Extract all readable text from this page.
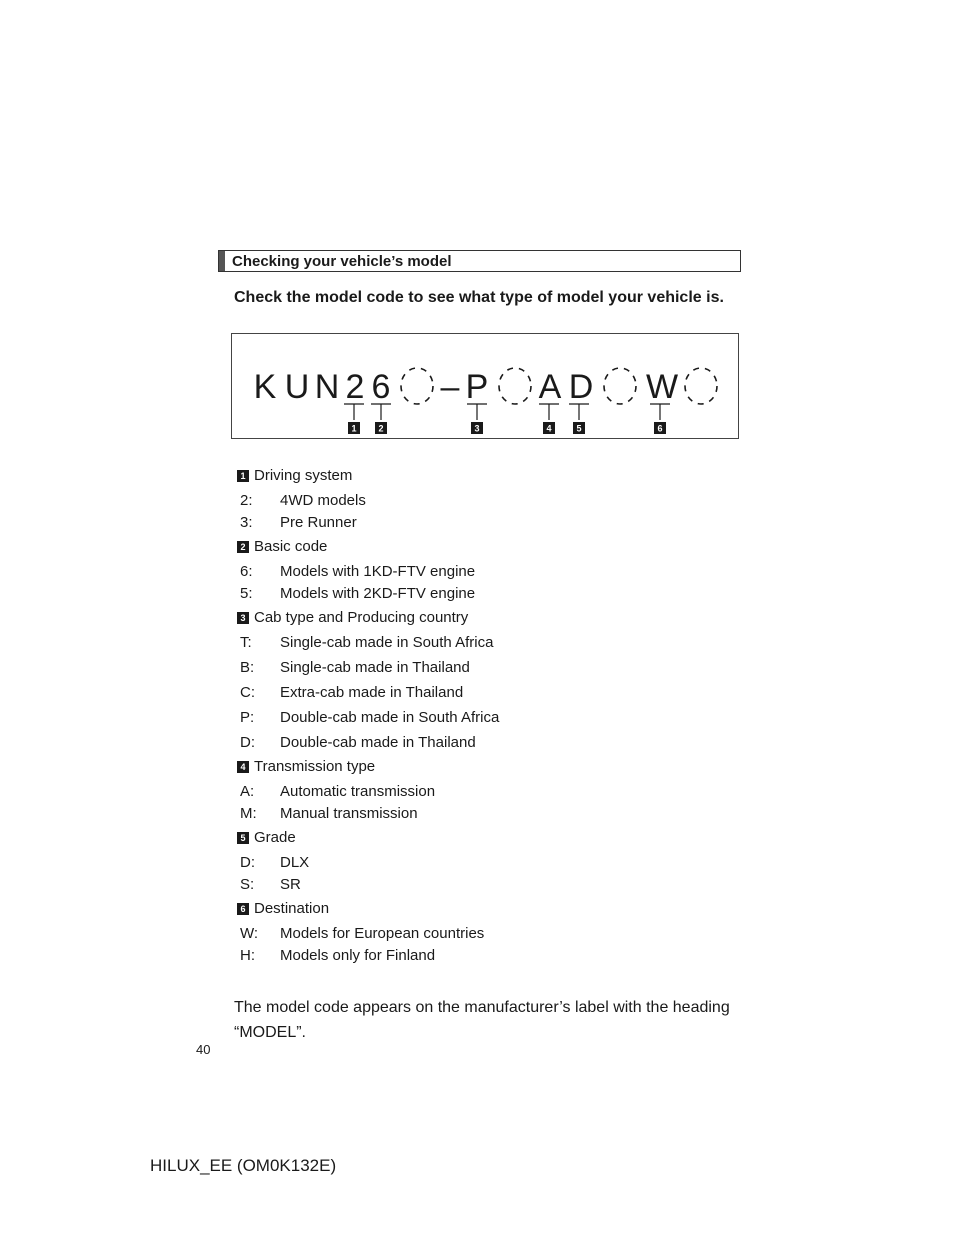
Checking your vehicle’s model
Check the model code to see what type of model your vehicle is.
K U N 2 6 – P A D W
1 2	3	4	5	6
1 Driving system
2: 4WD models
3: Pre Runner
2 Basic code
6: Models with 1KD-FTV engine
5: Models with 2KD-FTV engine
3 Cab type and Producing country
T: Single-cab made in South Africa
B: Single-cab made in Thailand
C: Extra-cab made in Thailand
P: Double-cab made in South Africa
D: Double-cab made in Thailand
4 Transmission type
A: Automatic transmission
M: Manual transmission
5 Grade
D: DLX
S: SR
6 Destination
W: Models for European countries
H: Models only for Finland
The model code appears on the manufacturer’s label with the heading “MODEL”.
40
HILUX_EE (OM0K132E)
